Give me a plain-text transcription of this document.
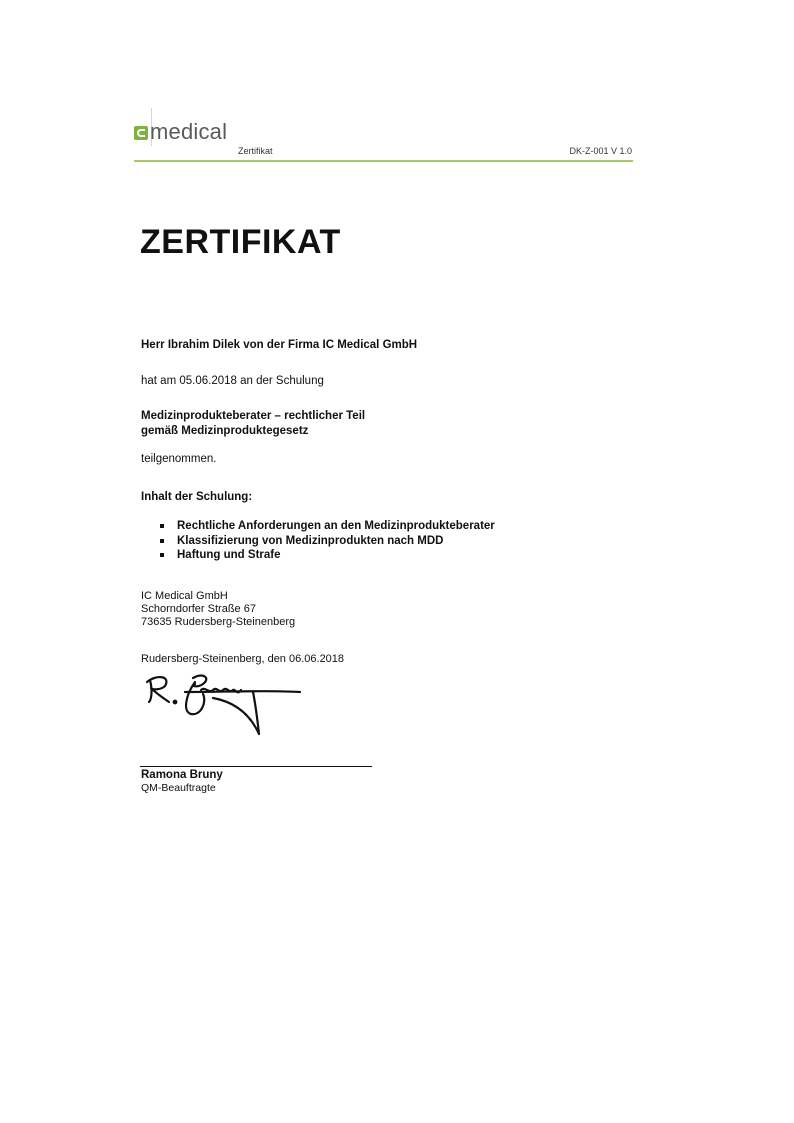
medical
Zertifikat	DK-Z-001 V 1.0
ZERTIFIKAT
Herr Ibrahim Dilek von der Firma IC Medical GmbH
hat am 05.06.2018 an der Schulung
Medizinprodukteberater – rechtlicher Teil
gemäß Medizinproduktegesetz
teilgenommen.
Inhalt der Schulung:
Rechtliche Anforderungen an den Medizinprodukteberater
Klassifizierung von Medizinprodukten nach MDD
Haftung und Strafe
IC Medical GmbH
Schorndorfer Straße 67
73635 Rudersberg-Steinenberg
Rudersberg-Steinenberg, den 06.06.2018
Ramona Bruny
QM-Beauftragte
